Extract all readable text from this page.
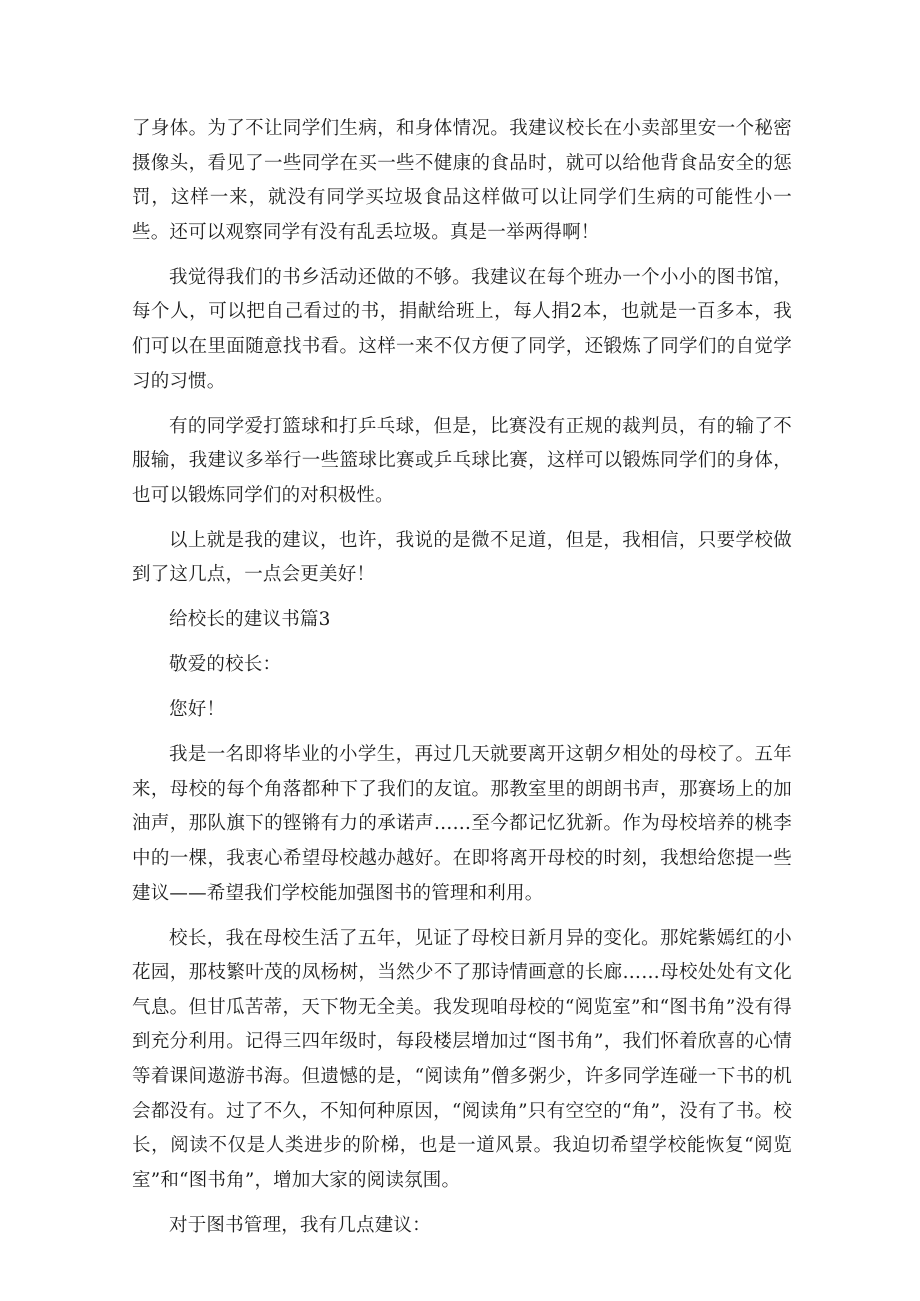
了身体。为了不让同学们生病，和身体情况。我建议校长在小卖部里安一个秘密摄像头，看见了一些同学在买一些不健康的食品时，就可以给他背食品安全的惩罚，这样一来，就没有同学买垃圾食品这样做可以让同学们生病的可能性小一些。还可以观察同学有没有乱丢垃圾。真是一举两得啊！

我觉得我们的书乡活动还做的不够。我建议在每个班办一个小小的图书馆，每个人，可以把自己看过的书，捐献给班上，每人捐2本，也就是一百多本，我们可以在里面随意找书看。这样一来不仅方便了同学，还锻炼了同学们的自觉学习的习惯。

有的同学爱打篮球和打乒乓球，但是，比赛没有正规的裁判员，有的输了不服输，我建议多举行一些篮球比赛或乒乓球比赛，这样可以锻炼同学们的身体，也可以锻炼同学们的对积极性。

以上就是我的建议，也许，我说的是微不足道，但是，我相信，只要学校做到了这几点，一点会更美好！

给校长的建议书篇3

敬爱的校长：

您好！

我是一名即将毕业的小学生，再过几天就要离开这朝夕相处的母校了。五年来，母校的每个角落都种下了我们的友谊。那教室里的朗朗书声，那赛场上的加油声，那队旗下的铿锵有力的承诺声……至今都记忆犹新。作为母校培养的桃李中的一棵，我衷心希望母校越办越好。在即将离开母校的时刻，我想给您提一些建议——希望我们学校能加强图书的管理和利用。

校长，我在母校生活了五年，见证了母校日新月异的变化。那姹紫嫣红的小花园，那枝繁叶茂的凤杨树，当然少不了那诗情画意的长廊……母校处处有文化气息。但甘瓜苦蒂，天下物无全美。我发现咱母校的“阅览室”和“图书角”没有得到充分利用。记得三四年级时，每段楼层增加过“图书角”，我们怀着欣喜的心情等着课间遨游书海。但遗憾的是，“阅读角”僧多粥少，许多同学连碰一下书的机会都没有。过了不久，不知何种原因，“阅读角”只有空空的“角”，没有了书。校长，阅读不仅是人类进步的阶梯，也是一道风景。我迫切希望学校能恢复“阅览室”和“图书角”，增加大家的阅读氛围。

对于图书管理，我有几点建议：
